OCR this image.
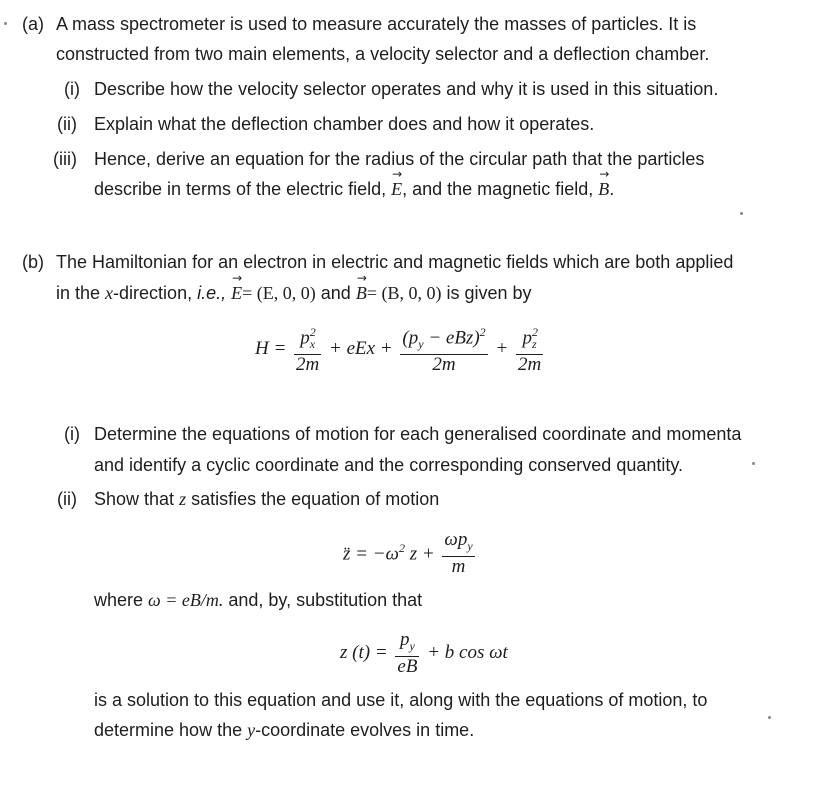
(a) A mass spectrometer is used to measure accurately the masses of particles. It is
constructed from two main elements, a velocity selector and a deflection chamber.
(i) Describe how the velocity selector operates and why it is used in this situation.
(ii) Explain what the deflection chamber does and how it operates.
(iii) Hence, derive an equation for the radius of the circular path that the particles
describe in terms of the electric field, → E, and the magnetic field, → B.
(b) The Hamiltonian for an electron in electric and magnetic fields which are both applied
in the x-direction, i.e., → E= (E, 0, 0) and → B= (B, 0, 0) is given by
$H = \frac{p^2_x}{2m}$ + eEx + $\frac{(p_y - eBz)^2}{2m} + \frac{p^2_z}{2m}$
(i) Determine the equations of motion for each generalised coordinate and momenta
and identify a cyclic coordinate and the corresponding conserved quantity.
(ii) Show that z satisfies the equation of motion
z̈ = $-\omega^2$ $z + \frac{\omega p_y}{m}$
where ω = eB/m. and, by, substitution that
z $(t) = \frac{p_y}{eB} + b$ cos ωt
is a solution to this equation and use it, along with the equations of motion, to
determine how the y-coordinate evolves in time.
